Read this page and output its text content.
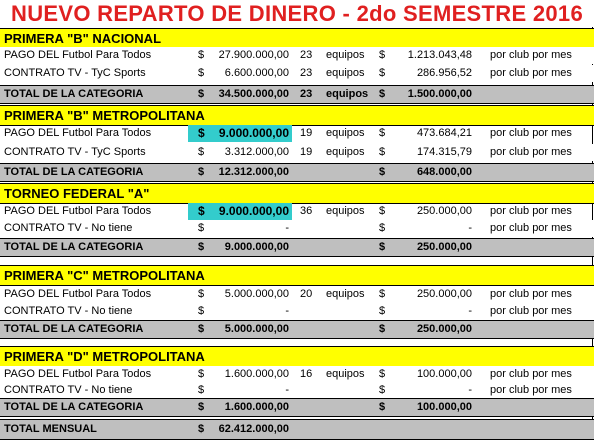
NUEVO REPARTO DE DINERO - 2do SEMESTRE 2016
PRIMERA "B" NACIONAL
PAGO DEL Futbol Para Todos	$ 27.900.000,00 23 equipos $ 1.213.043,48 por club por mes
CONTRATO TV - TyC Sports	$ 6.600.000,00 23 equipos $	286.956,52 por club por mes
TOTAL DE LA CATEGORIA	$ 34.500.000,00 23 equipos $ 1.500.000,00
PRIMERA "B" METROPOLITANA
PAGO DEL Futbol Para Todos	$ 9.000.000,00 19 equipos $	473.684,21 por club por mes
CONTRATO TV - TyC Sports	$ 3.312.000,00 19 equipos $	174.315,79 por club por mes
TOTAL DE LA CATEGORIA	$ 12.312.000,00	$	648.000,00
TORNEO FEDERAL "A"
PAGO DEL Futbol Para Todos	$ 9.000.000,00 36 equipos $	250.000,00 por club por mes
CONTRATO TV - No tiene	$	-	$	- por club por mes
TOTAL DE LA CATEGORIA	$ 9.000.000,00	$	250.000,00
PRIMERA "C" METROPOLITANA
PAGO DEL Futbol Para Todos	$ 5.000.000,00 20 equipos $	250.000,00 por club por mes
CONTRATO TV - No tiene	$	-	$	- por club por mes
TOTAL DE LA CATEGORIA	$ 5.000.000,00	$	250.000,00
PRIMERA "D" METROPOLITANA
PAGO DEL Futbol Para Todos	$ 1.600.000,00 16 equipos $	100.000,00 por club por mes
CONTRATO TV - No tiene	$	-	$	- por club por mes
TOTAL DE LA CATEGORIA	$ 1.600.000,00	$	100.000,00
TOTAL MENSUAL	$ 62.412.000,00
